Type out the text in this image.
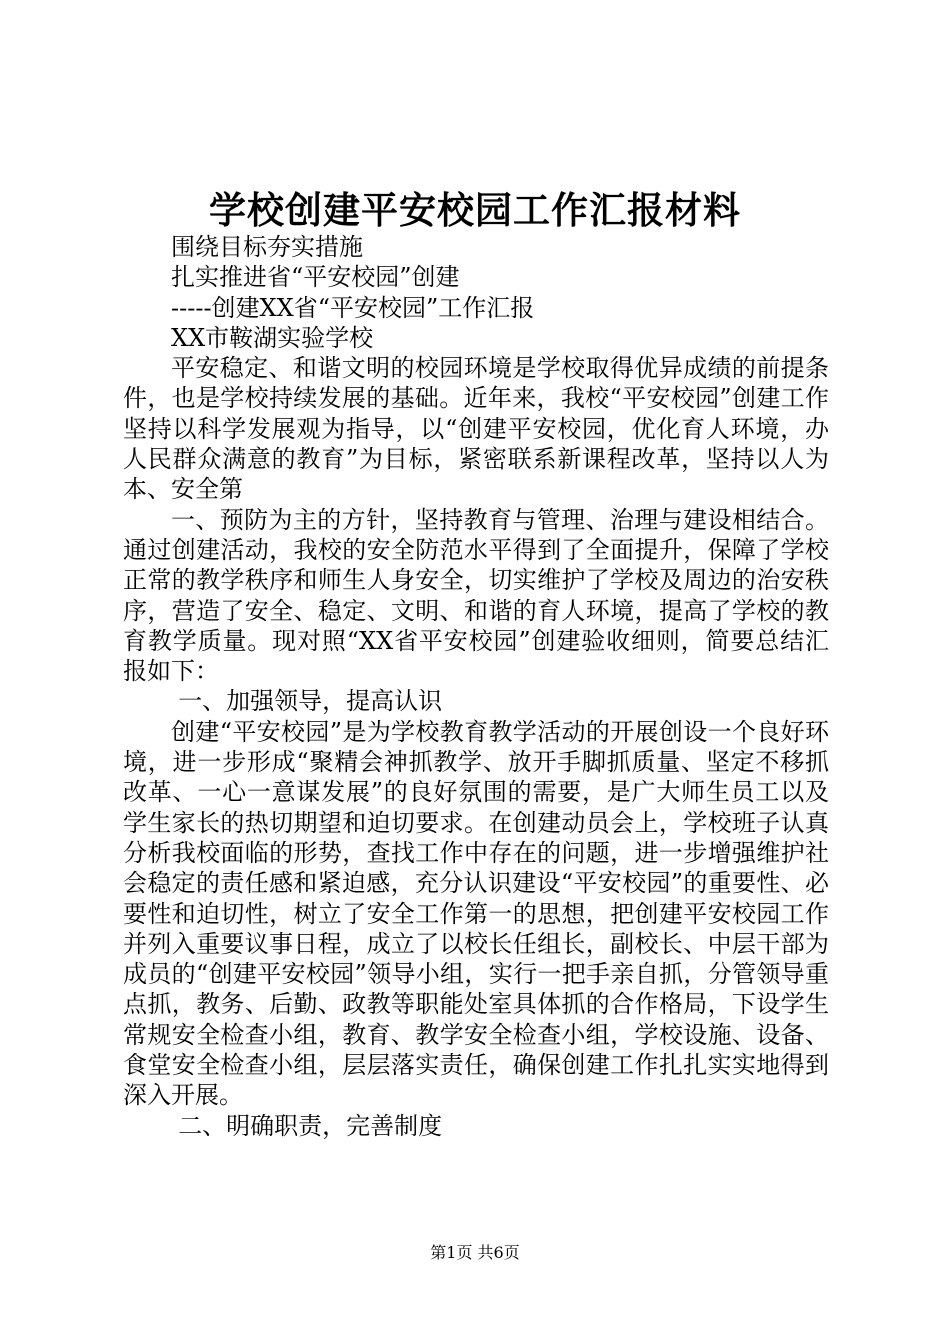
学校创建平安校园工作汇报材料

围绕目标夯实措施

扎实推进省“平安校园”创建

-----创建XX省“平安校园”工作汇报

XX市鞍湖实验学校

平安稳定、和谐文明的校园环境是学校取得优异成绩的前提条件，也是学校持续发展的基础。近年来，我校“平安校园”创建工作坚持以科学发展观为指导，以“创建平安校园，优化育人环境，办人民群众满意的教育”为目标，紧密联系新课程改革，坚持以人为本、安全第

一、预防为主的方针，坚持教育与管理、治理与建设相结合。通过创建活动，我校的安全防范水平得到了全面提升，保障了学校正常的教学秩序和师生人身安全，切实维护了学校及周边的治安秩序，营造了安全、稳定、文明、和谐的育人环境，提高了学校的教育教学质量。现对照“XX省平安校园”创建验收细则，简要总结汇报如下：

一、加强领导，提高认识

创建“平安校园”是为学校教育教学活动的开展创设一个良好环境，进一步形成“聚精会神抓教学、放开手脚抓质量、坚定不移抓改革、一心一意谋发展”的良好氛围的需要，是广大师生员工以及学生家长的热切期望和迫切要求。在创建动员会上，学校班子认真分析我校面临的形势，查找工作中存在的问题，进一步增强维护社会稳定的责任感和紧迫感，充分认识建设“平安校园”的重要性、必要性和迫切性，树立了安全工作第一的思想，把创建平安校园工作并列入重要议事日程，成立了以校长任组长，副校长、中层干部为成员的“创建平安校园”领导小组，实行一把手亲自抓，分管领导重点抓，教务、后勤、政教等职能处室具体抓的合作格局，下设学生常规安全检查小组，教育、教学安全检查小组，学校设施、设备、食堂安全检查小组，层层落实责任，确保创建工作扎扎实实地得到深入开展。

二、明确职责，完善制度

第1页 共6页
